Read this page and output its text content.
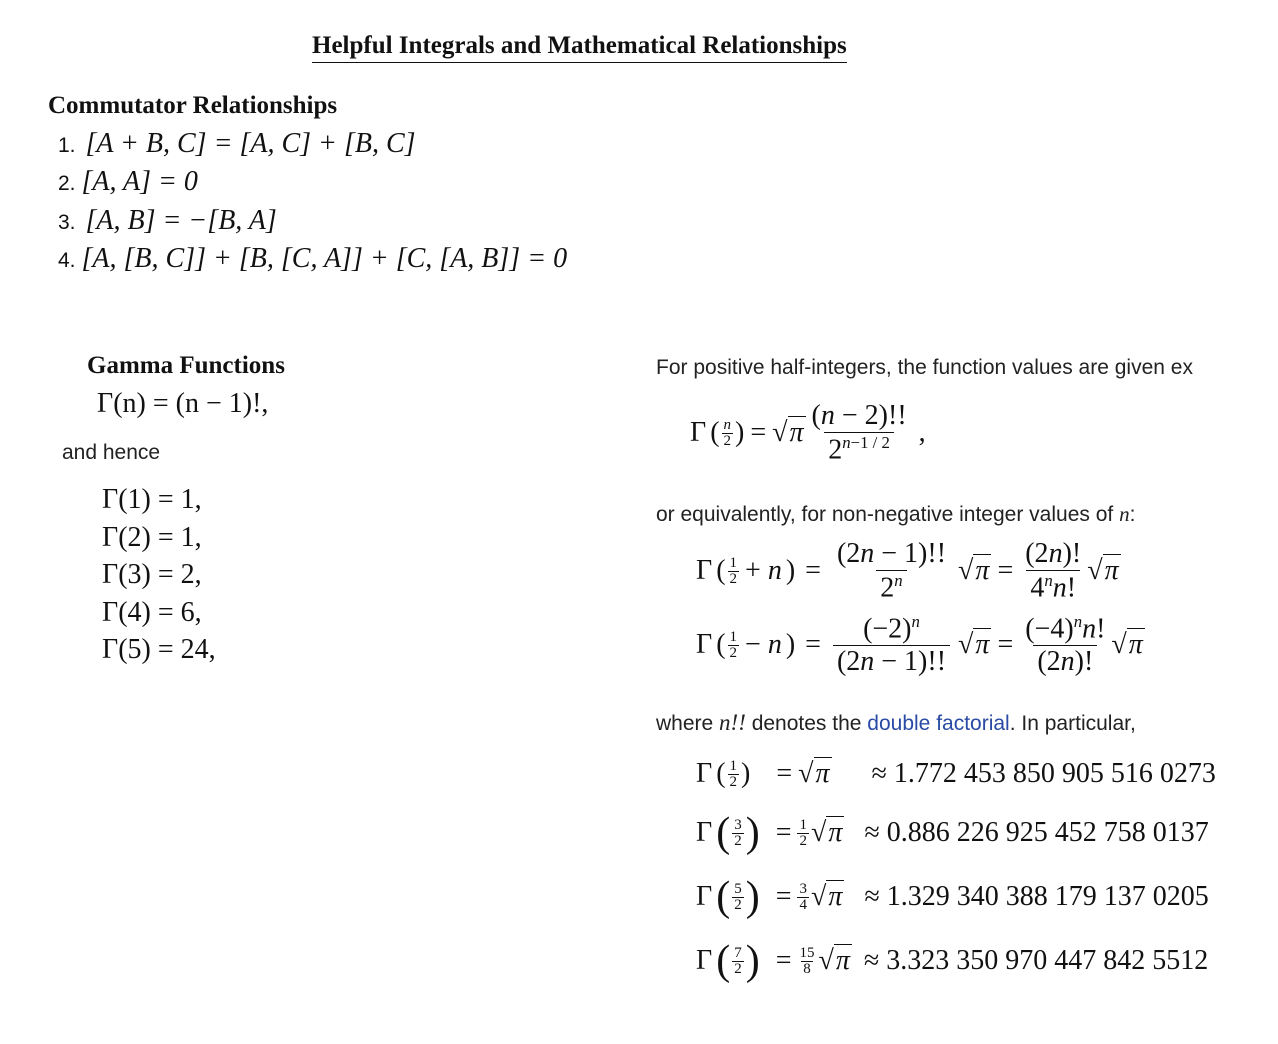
Helpful Integrals and Mathematical Relationships
Commutator Relationships
1. [A + B, C] = [A, C] + [B, C]
2. [A, A] = 0
3. [A, B] = −[B, A]
4. [A, [B, C]] + [B, [C, A]] + [C, [A, B]] = 0
Gamma Functions
Γ(n) = (n − 1)!,
and hence
Γ(1) = 1,
Γ(2) = 1,
Γ(3) = 2,
Γ(4) = 6,
Γ(5) = 24,
For positive half-integers, the function values are given ex
Γ ( n
2 ) = $√\pi \frac{(n - 2)!!}{2^{n-1 / 2}}$ ,
or equivalently, for non-negative integer values of n:
Γ ( 1
2 + n ) = $\frac{(2n - 1)!!}{2^n} √\pi = \frac{(2n)!}{4^nn!} √\pi$
Γ ( 1
2 − n ) = $\frac{(-2)^n}{(2n - 1)!!} √\pi = \frac{(-4)^nn!}{(2n)!} √\pi$
where n!! denotes the double factorial. In particular,
Γ ( 1
2 ) = √π ≈ 1.772 453 850 905 516 0273
Γ ( 3
2 ) = $\frac{1}{2} √\pi \approx 0.886$ 226 925 452 758 0137
Γ ( 5
2 ) = $\frac{3}{4} √\pi \approx 1.329$ 340 388 179 137 0205
Γ ( 7
2 ) = $\frac{15}{8} √\pi \approx 3.323$ 350 970 447 842 5512
